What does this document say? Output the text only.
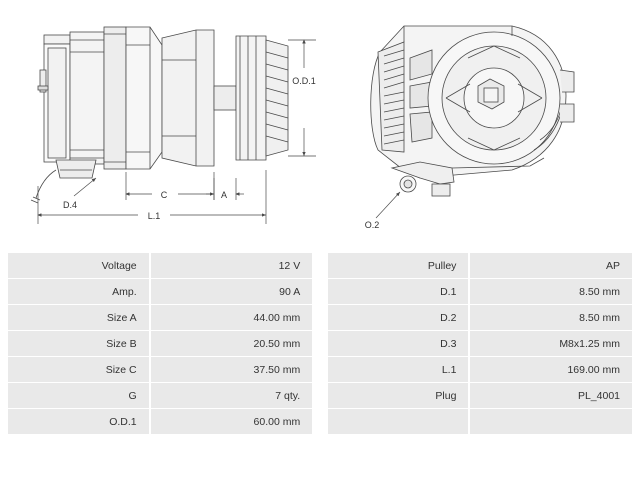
O.D.1
D.4
C	A
L.1
O.2
Voltage	12 V
Amp.	90 A
Size A	44.00 mm
Size B	20.50 mm
Size C	37.50 mm
G	7 qty.
O.D.1	60.00 mm
Pulley	AP
D.1	8.50 mm
D.2	8.50 mm
D.3	M8x1.25 mm
L.1	169.00 mm
Plug	PL_4001
